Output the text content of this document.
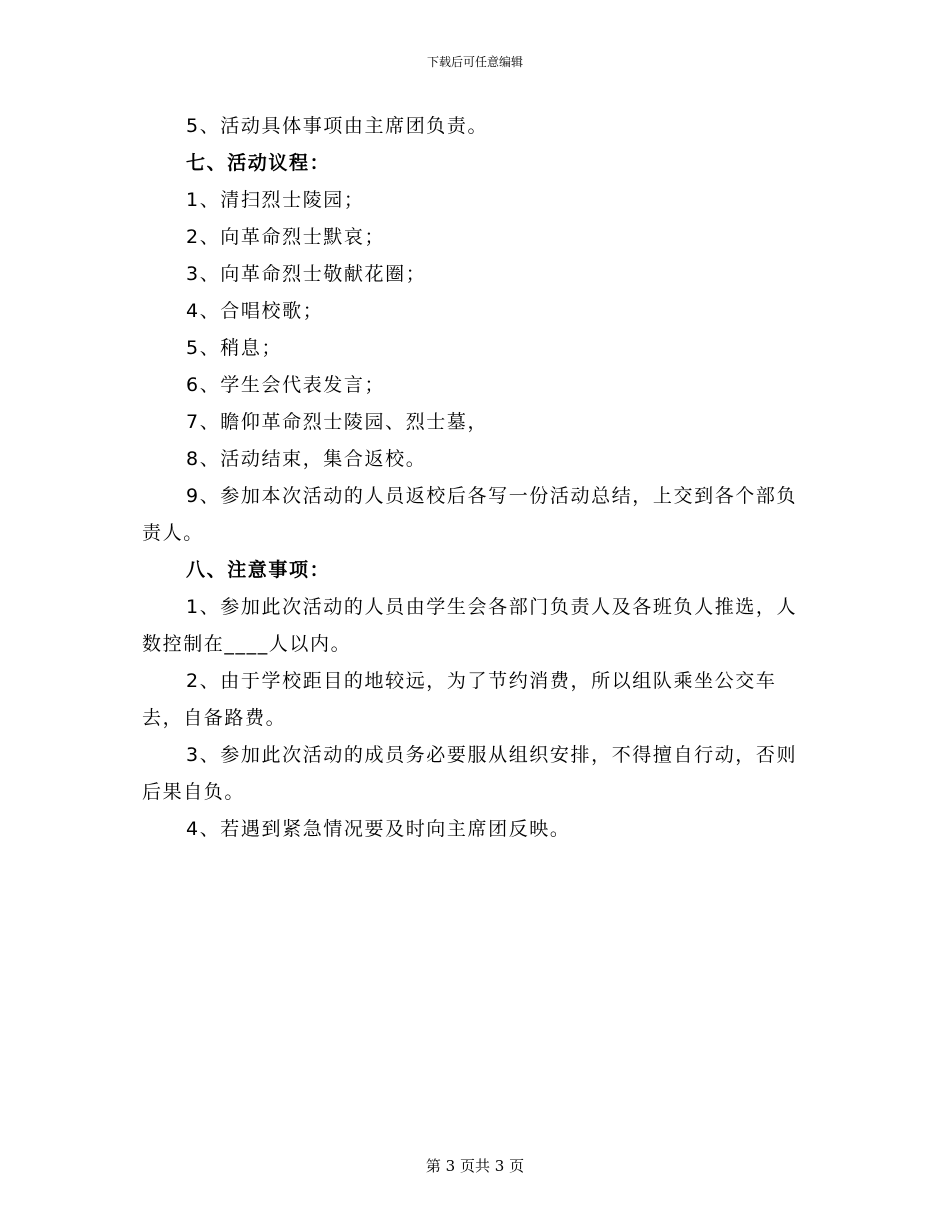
下载后可任意编辑

5、活动具体事项由主席团负责。

七、活动议程：

1、清扫烈士陵园；

2、向革命烈士默哀；

3、向革命烈士敬献花圈；

4、合唱校歌；

5、稍息；

6、学生会代表发言；

7、瞻仰革命烈士陵园、烈士墓，

8、活动结束，集合返校。

9、参加本次活动的人员返校后各写一份活动总结，上交到各个部负责人。

八、注意事项：

1、参加此次活动的人员由学生会各部门负责人及各班负人推选，人数控制在____人以内。

2、由于学校距目的地较远，为了节约消费，所以组队乘坐公交车去，自备路费。

3、参加此次活动的成员务必要服从组织安排，不得擅自行动，否则后果自负。

4、若遇到紧急情况要及时向主席团反映。

第 3 页共 3 页
